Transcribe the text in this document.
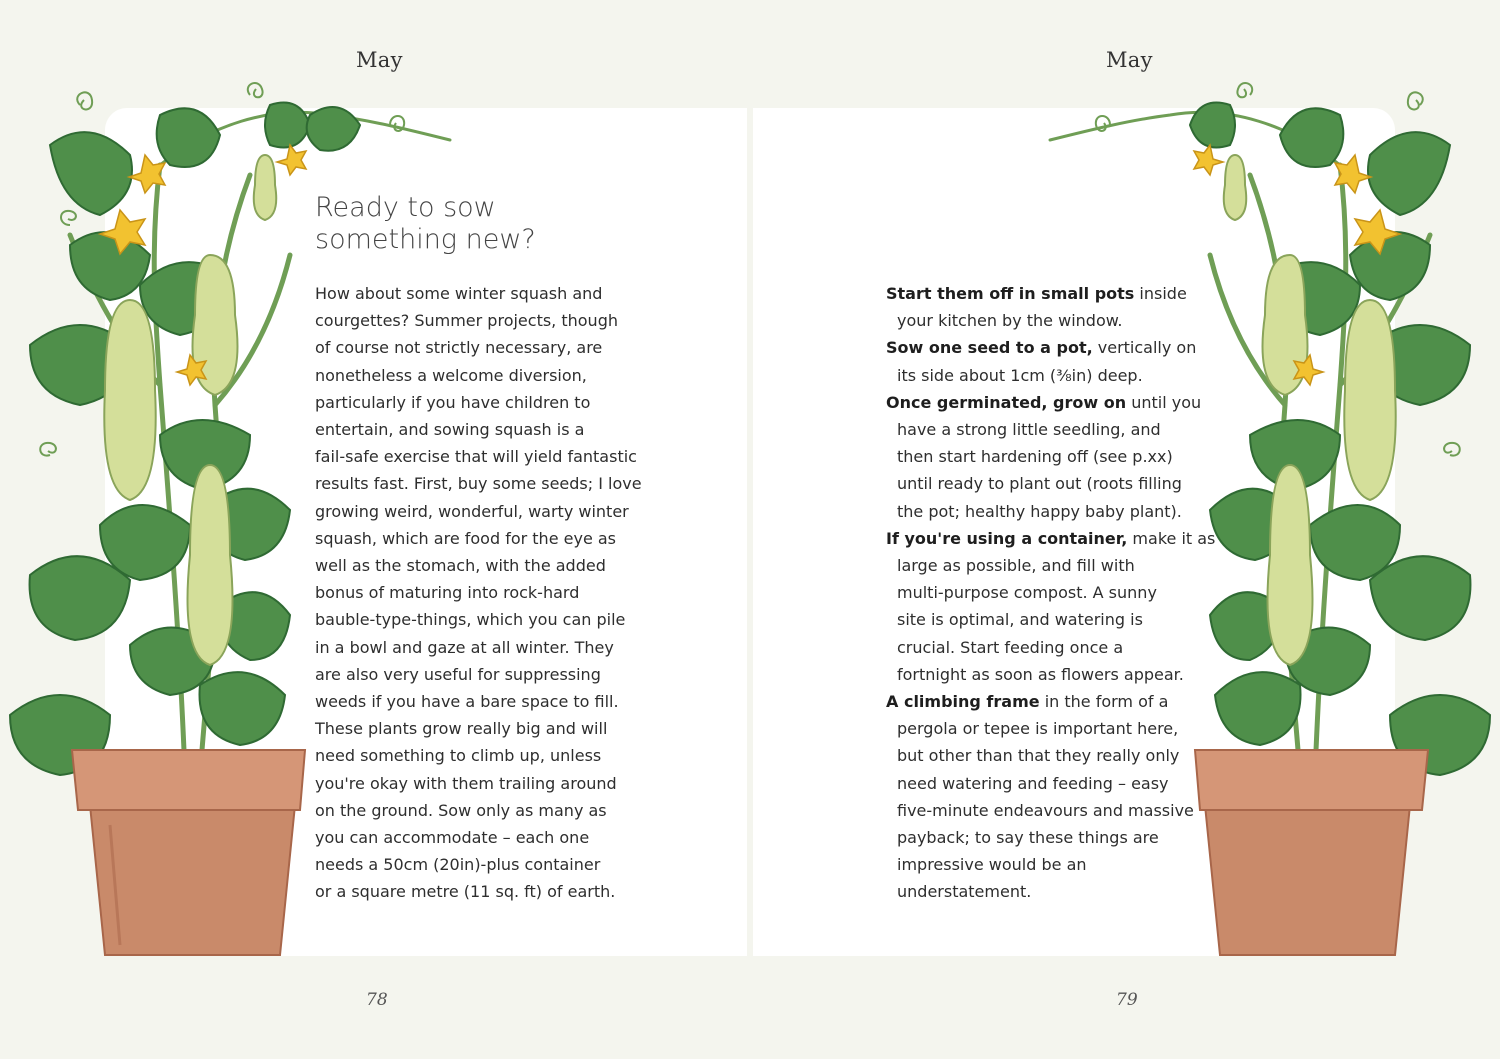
May	May
Ready to sow
something new?

How about some winter squash and
courgettes? Summer projects, though
of course not strictly necessary, are
nonetheless a welcome diversion,
particularly if you have children to
entertain, and sowing squash is a
fail-safe exercise that will yield fantastic
results fast. First, buy some seeds; I love
growing weird, wonderful, warty winter
squash, which are food for the eye as
well as the stomach, with the added
bonus of maturing into rock-hard
bauble-type-things, which you can pile
in a bowl and gaze at all winter. They
are also very useful for suppressing
weeds if you have a bare space to fill.
These plants grow really big and will
need something to climb up, unless
you're okay with them trailing around
on the ground. Sow only as many as
you can accommodate – each one
needs a 50cm (20in)-plus container
or a square metre (11 sq. ft) of earth.

Start them off in small pots inside
your kitchen by the window.
Sow one seed to a pot, vertically on
its side about 1cm (⅜in) deep.
Once germinated, grow on until you
have a strong little seedling, and
then start hardening off (see p.xx)
until ready to plant out (roots filling
the pot; healthy happy baby plant).
If you're using a container, make it as
large as possible, and fill with
multi-purpose compost. A sunny
site is optimal, and watering is
crucial. Start feeding once a
fortnight as soon as flowers appear.
A climbing frame in the form of a
pergola or tepee is important here,
but other than that they really only
need watering and feeding – easy
five-minute endeavours and massive
payback; to say these things are
impressive would be an
understatement.
78	79
